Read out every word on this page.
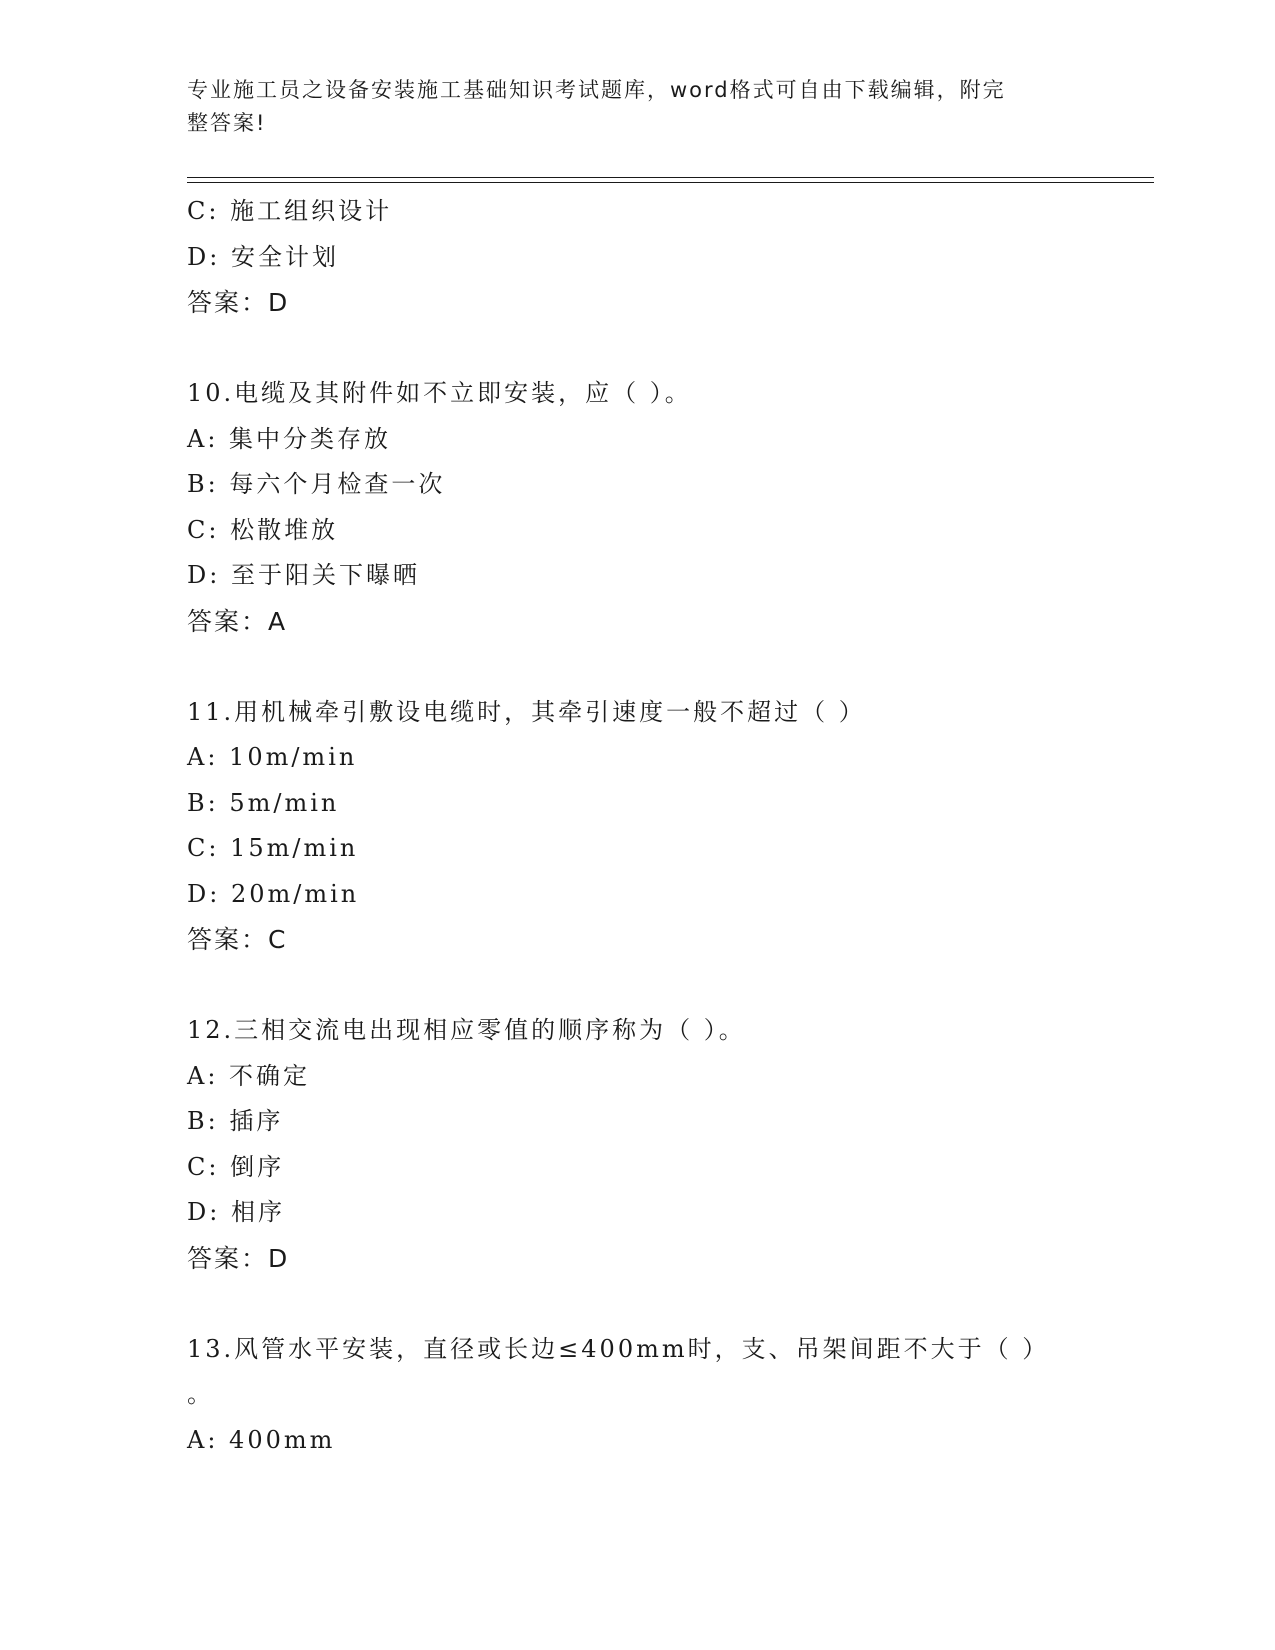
专业施工员之设备安装施工基础知识考试题库，word格式可自由下载编辑，附完
整答案!
C: 施工组织设计
D: 安全计划
答案：D
10.电缆及其附件如不立即安装，应（ ）。
A: 集中分类存放
B: 每六个月检查一次
C: 松散堆放
D: 至于阳关下曝晒
答案：A
11.用机械牵引敷设电缆时，其牵引速度一般不超过（ ）
A: 10m/min
B: 5m/min
C: 15m/min
D: 20m/min
答案：C
12.三相交流电出现相应零值的顺序称为（ ）。
A: 不确定
B: 插序
C: 倒序
D: 相序
答案：D
13.风管水平安装，直径或长边≤400mm时，支、吊架间距不大于（ ）
。
A: 400mm
